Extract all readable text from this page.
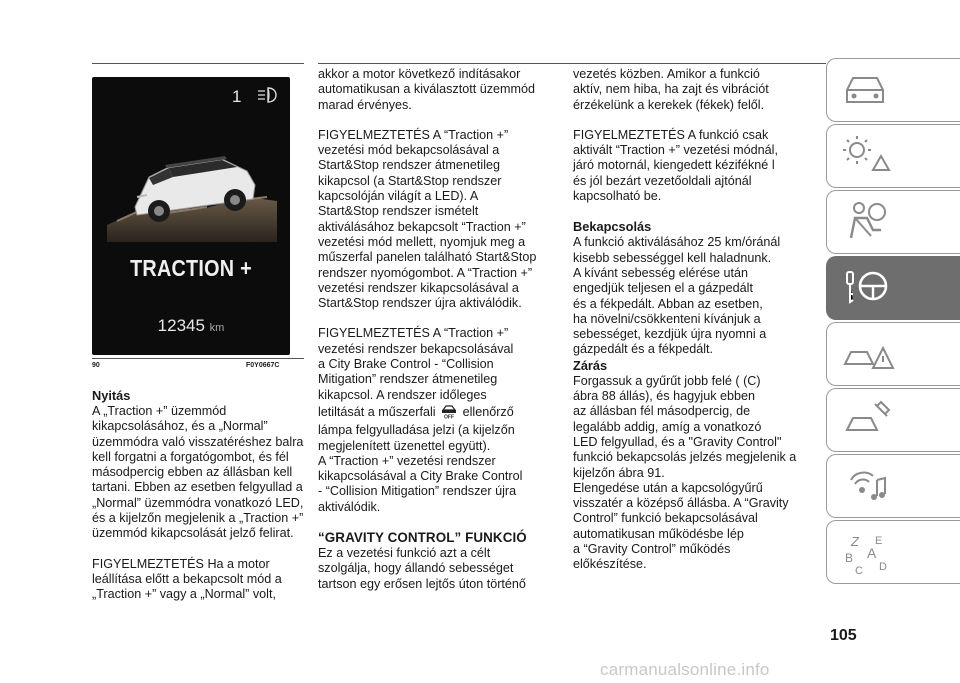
1
TRACTION +
12345 km
90	F0Y0667C
Nyitás

A „Traction +” üzemmód
kikapcsolásához, és a „Normal”
üzemmódra való visszatéréshez balra
kell forgatni a forgatógombot, és fél
másodpercig ebben az állásban kell
tartani. Ebben az esetben felgyullad a
„Normal” üzemmódra vonatkozó LED,
és a kijelzőn megjelenik a „Traction +”
üzemmód kikapcsolását jelző felirat.

FIGYELMEZTETÉS Ha a motor
leállítása előtt a bekapcsolt mód a
„Traction +” vagy a „Normal” volt,

akkor a motor következő indításakor
automatikusan a kiválasztott üzemmód
marad érvényes.

FIGYELMEZTETÉS A “Traction +”
vezetési mód bekapcsolásával a
Start&Stop rendszer átmenetileg
kikapcsol (a Start&Stop rendszer
kapcsolóján világít a LED). A
Start&Stop rendszer ismételt
aktiválásához bekapcsolt “Traction +”
vezetési mód mellett, nyomjuk meg a
műszerfal panelen található Start&Stop
rendszer nyomógombot. A “Traction +”
vezetési rendszer kikapcsolásával a
Start&Stop rendszer újra aktiválódik.

FIGYELMEZTETÉS A “Traction +”
vezetési rendszer bekapcsolásával
a City Brake Control - “Collision
Mitigation” rendszer átmenetileg
kikapcsol. A rendszer időleges
letiltását a műszerfali OFF ellenőrző
lámpa felgyulladása jelzi (a kijelzőn
megjelenített üzenettel együtt).
A “Traction +” vezetési rendszer
kikapcsolásával a City Brake Control
- “Collision Mitigation” rendszer újra
aktiválódik.

“GRAVITY CONTROL” FUNKCIÓ

Ez a vezetési funkció azt a célt
szolgálja, hogy állandó sebességet
tartson egy erősen lejtős úton történő

vezetés közben. Amikor a funkció
aktív, nem hiba, ha zajt és vibrációt
érzékelünk a kerekek (fékek) felől.

FIGYELMEZTETÉS A funkció csak
aktivált “Traction +” vezetési módnál,
járó motornál, kiengedett kézifékné l
és jól bezárt vezetőoldali ajtónál
kapcsolható be.

Bekapcsolás

A funkció aktiválásához 25 km/óránál
kisebb sebességgel kell haladnunk.
A kívánt sebesség elérése után
engedjük teljesen el a gázpedált
és a fékpedált. Abban az esetben,
ha növelni/csökkenteni kívánjuk a
sebességet, kezdjük újra nyomni a
gázpedált és a fékpedált.

Zárás

Forgassuk a gyűrűt jobb felé ( (C)
ábra 88 állás), és hagyjuk ebben
az állásban fél másodpercig, de
legalább addig, amíg a vonatkozó
LED felgyullad, és a "Gravity Control"
funkció bekapcsolás jelzés megjelenik a
kijelzőn ábra 91.
Elengedése után a kapcsológyűrű
visszatér a középső állásba. A “Gravity
Control” funkció bekapcsolásával
automatikusan működésbe lép
a “Gravity Control” működés
előkészítése.

Z E
B A
C D
105
carmanualsonline.info
